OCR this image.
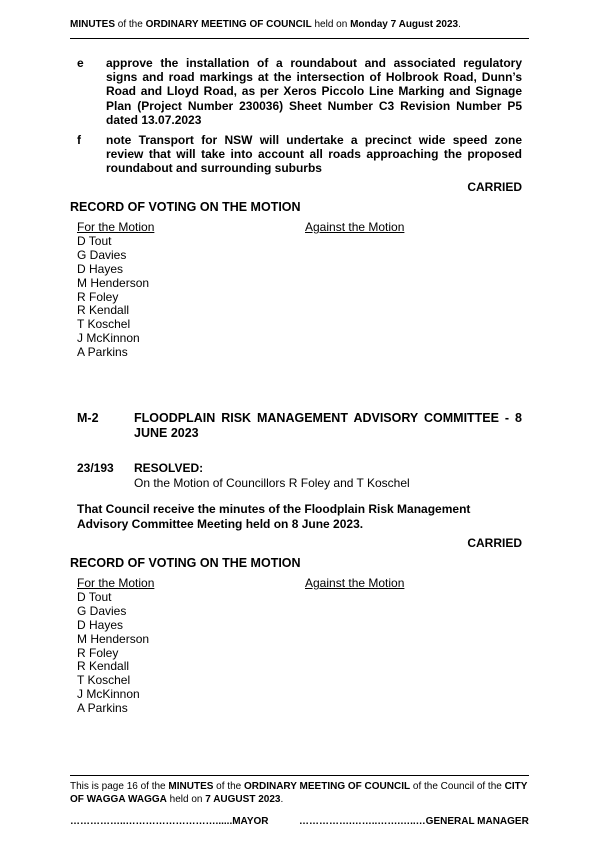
MINUTES of the ORDINARY MEETING OF COUNCIL held on Monday 7 August 2023.
e approve the installation of a roundabout and associated regulatory signs and road markings at the intersection of Holbrook Road, Dunn’s Road and Lloyd Road, as per Xeros Piccolo Line Marking and Signage Plan (Project Number 230036) Sheet Number C3 Revision Number P5 dated 13.07.2023
f note Transport for NSW will undertake a precinct wide speed zone review that will take into account all roads approaching the proposed roundabout and surrounding suburbs
CARRIED
RECORD OF VOTING ON THE MOTION
For the Motion	Against the Motion
D Tout
G Davies
D Hayes
M Henderson
R Foley
R Kendall
T Koschel
J McKinnon
A Parkins
M-2	FLOODPLAIN RISK MANAGEMENT ADVISORY COMMITTEE - 8 JUNE 2023
23/193 RESOLVED:
On the Motion of Councillors R Foley and T Koschel
That Council receive the minutes of the Floodplain Risk Management Advisory Committee Meeting held on 8 June 2023.
CARRIED
RECORD OF VOTING ON THE MOTION
For the Motion	Against the Motion
D Tout
G Davies
D Hayes
M Henderson
R Foley
R Kendall
T Koschel
J McKinnon
A Parkins
This is page 16 of the MINUTES of the ORDINARY MEETING OF COUNCIL of the Council of the CITY OF WAGGA WAGGA held on 7 AUGUST 2023.
……………..………………………......MAYOR	…………….……..…….…..…GENERAL MANAGER
